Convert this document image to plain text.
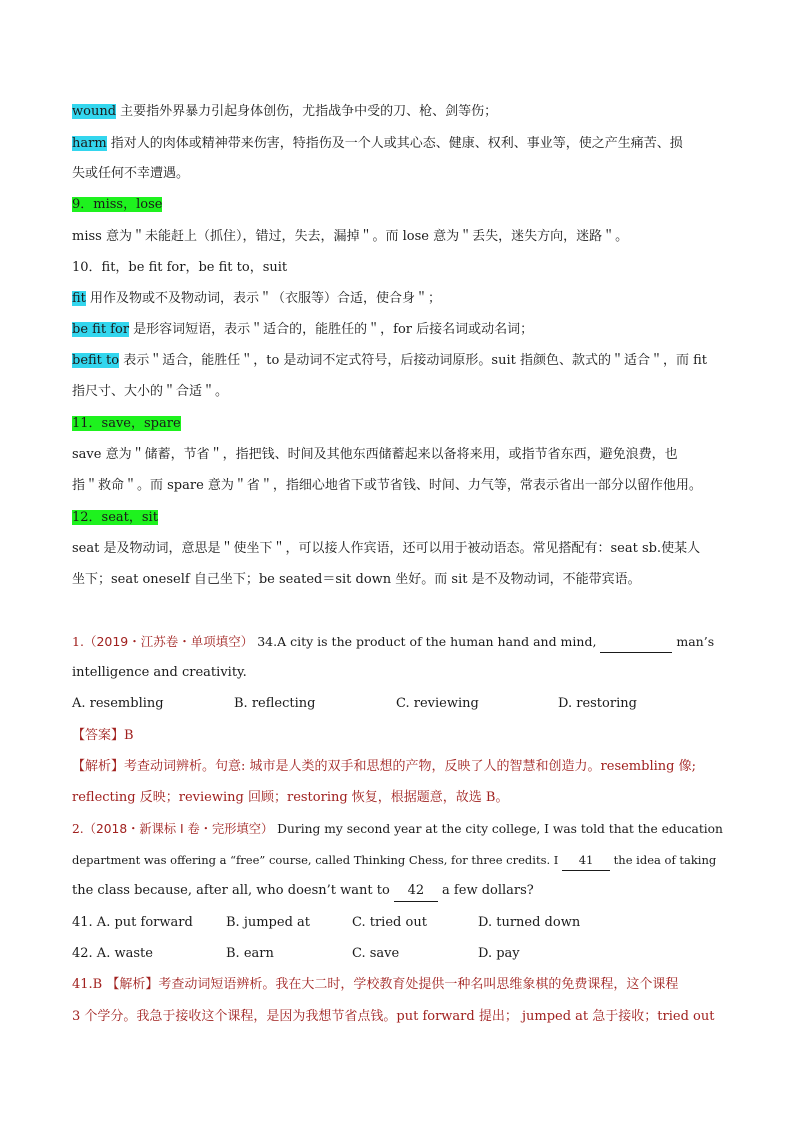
wound 主要指外界暴力引起身体创伤，尤指战争中受的刀、枪、剑等伤；
harm 指对人的肉体或精神带来伤害，特指伤及一个人或其心态、健康、权利、事业等，使之产生痛苦、损
失或任何不幸遭遇。
9．miss，lose
miss 意为＂未能赶上（抓住），错过，失去，漏掉＂。而 lose 意为＂丢失，迷失方向，迷路＂。
10．fit，be fit for，be fit to，suit
fit 用作及物或不及物动词，表示＂（衣服等）合适，使合身＂；
be fit for 是形容词短语，表示＂适合的，能胜任的＂，for 后接名词或动名词；
befit to 表示＂适合，能胜任＂，to 是动词不定式符号，后接动词原形。suit 指颜色、款式的＂适合＂，而 fit
指尺寸、大小的＂合适＂。
11．save，spare
save 意为＂储蓄，节省＂，指把钱、时间及其他东西储蓄起来以备将来用，或指节省东西，避免浪费，也
指＂救命＂。而 spare 意为＂省＂，指细心地省下或节省钱、时间、力气等，常表示省出一部分以留作他用。
12．seat，sit
seat 是及物动词，意思是＂使坐下＂，可以接人作宾语，还可以用于被动语态。常见搭配有：seat sb.使某人
坐下；seat oneself 自己坐下；be seated＝sit down 坐好。而 sit 是不及物动词，不能带宾语。
1.（2019・江苏卷・单项填空） 34.A city is the product of the human hand and mind,	man’s
intelligence and creativity.
A. resembling	B. reflecting	C. reviewing	D. restoring
【答案】B
【解析】考查动词辨析。句意: 城市是人类的双手和思想的产物，反映了人的智慧和创造力。resembling 像;
reflecting 反映；reviewing 回顾；restoring 恢复，根据题意，故选 B。
2.（2018・新课标 I 卷・完形填空） During my second year at the city college, I was told that the education
department was offering a “free” course, called Thinking Chess, for three credits. I 41 the idea of taking
the class because, after all, who doesn’t want to 42 a few dollars?
41. A. put forward	B. jumped at	C. tried out	D. turned down
42. A. waste	B. earn	C. save	D. pay
41.B 【解析】考查动词短语辨析。我在大二时，学校教育处提供一种名叫思维象棋的免费课程，这个课程
3 个学分。我急于接收这个课程，是因为我想节省点钱。put forward 提出； jumped at 急于接收；tried out
